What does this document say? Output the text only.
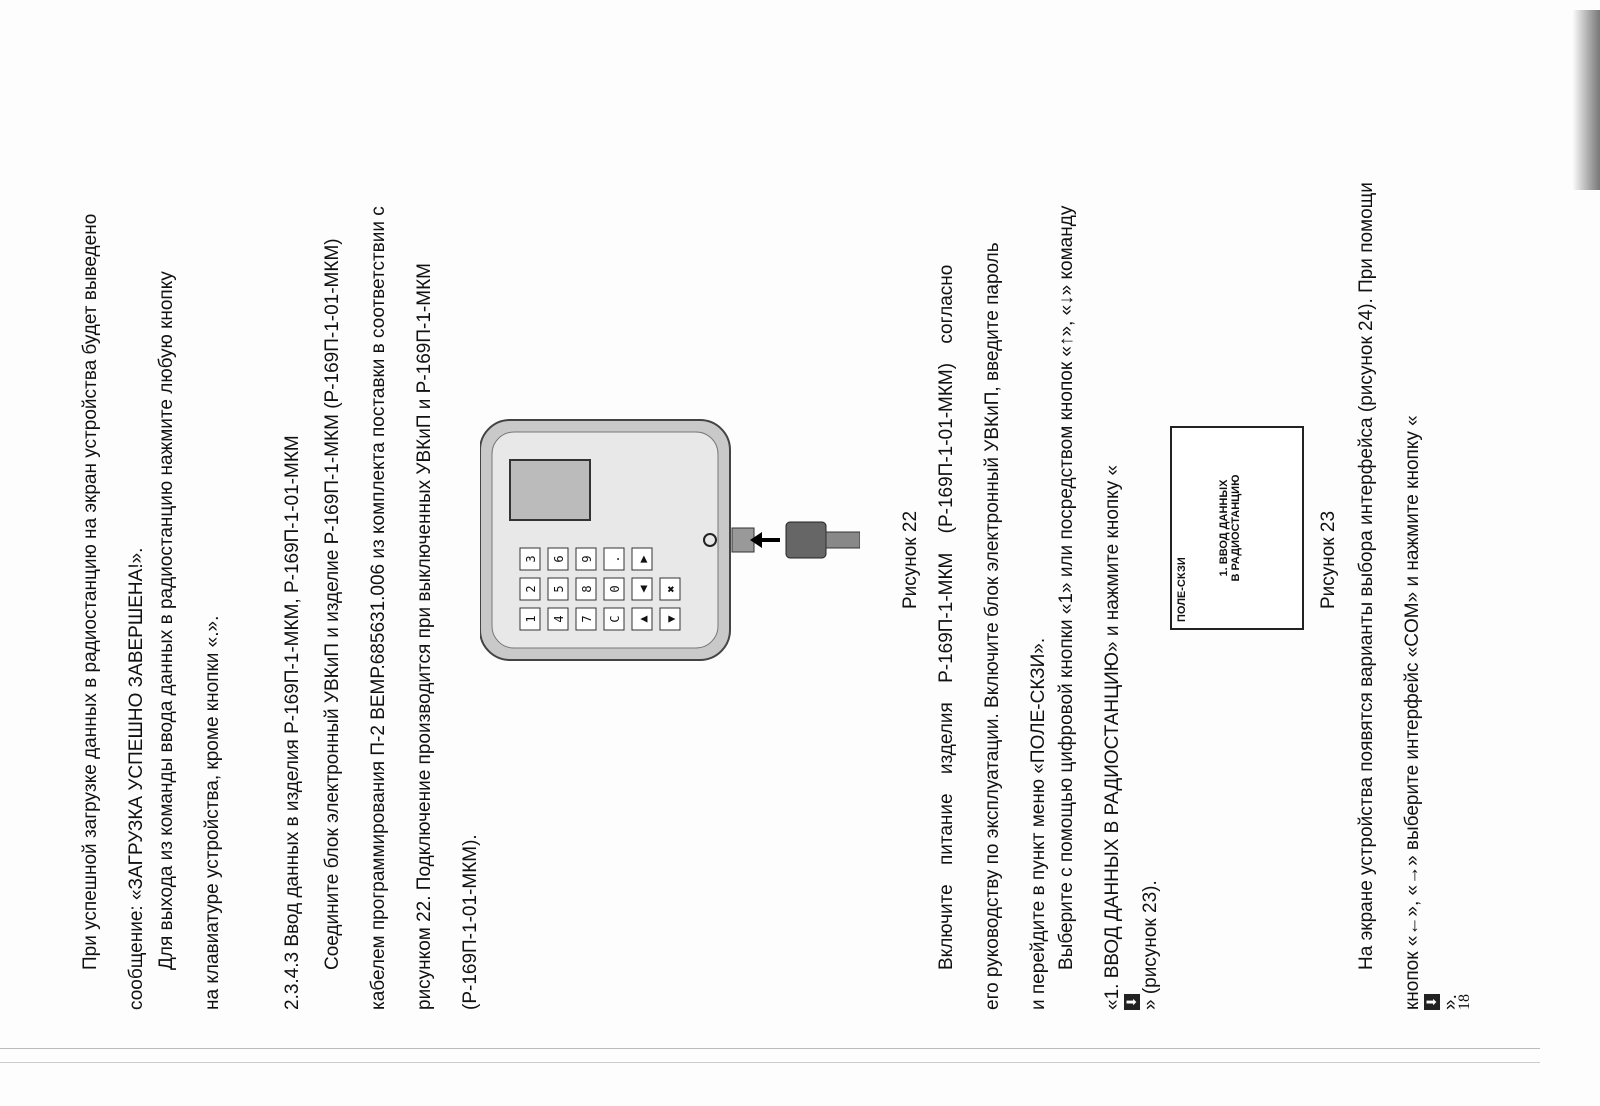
При успешной загрузке данных в радиостанцию на экран устройства будет выведено сообщение: «ЗАГРУЗКА УСПЕШНО ЗАВЕРШЕНА!». Для выхода из команды ввода данных в радиостанцию нажмите любую кнопку на клавиатуре устройства, кроме кнопки «.».	2.3.4.3 Ввод данных в изделия Р-169П-1-МКМ, Р-169П-1-01-МКМ Соедините блок электронный УВКиП и изделие Р-169П-1-МКМ (Р-169П-1-01-МКМ) кабелем программирования П-2 ВЕМР.685631.006 из комплекта поставки в соответствии с рисунком 22. Подключение производится при выключенных УВКиП и Р-169П-1-МКМ (Р-169П-1-01-МКМ).
1
2
3
4
5
6
7
8
9
C
0
.
▲
◀
▶
▼
✖	Рисунок 22 Включите питание изделия Р-169П-1-МКМ (Р-169П-1-01-МКМ) согласно его руководству по эксплуатации. Включите блок электронный УВКиП, введите пароль и перейдите в пункт меню «ПОЛЕ-СКЗИ». Выберите с помощью цифровой кнопки «1» или посредством кнопок «↑», «↓» команду «1. ВВОД ДАННЫХ В РАДИОСТАНЦИЮ» и нажмите кнопку « ⬇ » (рисунок 23).
ПОЛЕ-СКЗИ
1. ВВОД ДАННЫХ В РАДИОСТАНЦИЮ	Рисунок 23 На экране устройства появятся варианты выбора интерфейса (рисунок 24). При помощи кнопок «←», «→» выберите интерфейс «COM» и нажмите кнопку « ⬇ ».
18
